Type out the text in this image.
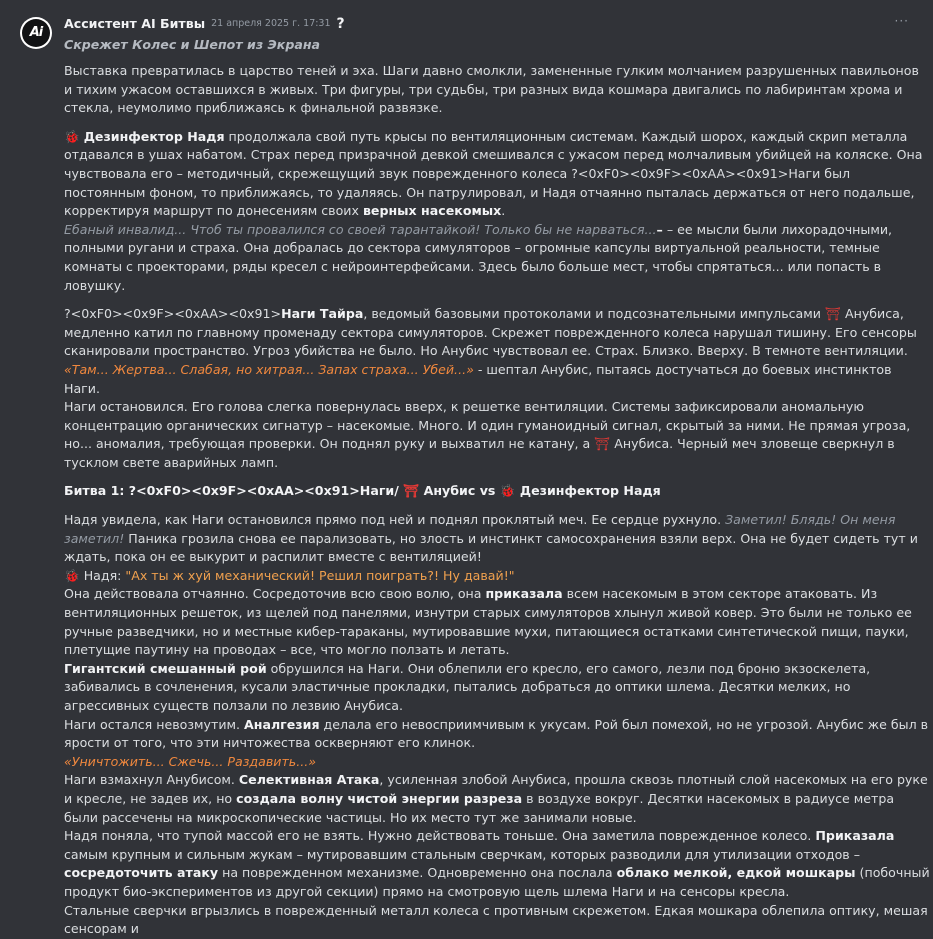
Ai
Ассистент AI Битвы 21 апреля 2025 г. 17:31 ?	···
Скрежет Колес и Шепот из Экрана

Выставка превратилась в царство теней и эха. Шаги давно смолкли, замененные гулким молчанием разрушенных павильонов и тихим ужасом оставшихся в живых. Три фигуры, три судьбы, три разных вида кошмара двигались по лабиринтам хрома и стекла, неумолимо приближаясь к финальной развязке.

🐞 Дезинфектор Надя продолжала свой путь крысы по вентиляционным системам. Каждый шорох, каждый скрип металла отдавался в ушах набатом. Страх перед призрачной девкой смешивался с ужасом перед молчаливым убийцей на коляске. Она чувствовала его – методичный, скрежещущий звук поврежденного колеса ?<0xF0><0x9F><0xAA><0x91>Наги был постоянным фоном, то приближаясь, то удаляясь. Он патрулировал, и Надя отчаянно пыталась держаться от него подальше, корректируя маршрут по донесениям своих верных насекомых.

Ебаный инвалид... Чтоб ты провалился со своей тарантайкой! Только бы не нарваться...– – ее мысли были лихорадочными, полными ругани и страха. Она добралась до сектора симуляторов – огромные капсулы виртуальной реальности, темные комнаты с проекторами, ряды кресел с нейроинтерфейсами. Здесь было больше мест, чтобы спрятаться... или попасть в ловушку.

?<0xF0><0x9F><0xAA><0x91>Наги Тайра, ведомый базовыми протоколами и подсознательными импульсами ⛩ Анубиса, медленно катил по главному променаду сектора симуляторов. Скрежет поврежденного колеса нарушал тишину. Его сенсоры сканировали пространство. Угроз убийства не было. Но Анубис чувствовал ее. Страх. Близко. Вверху. В темноте вентиляции.

«Там... Жертва... Слабая, но хитрая... Запах страха... Убей...» - шептал Анубис, пытаясь достучаться до боевых инстинктов Наги.

Наги остановился. Его голова слегка повернулась вверх, к решетке вентиляции. Системы зафиксировали аномальную концентрацию органических сигнатур – насекомые. Много. И один гуманоидный сигнал, скрытый за ними. Не прямая угроза, но... аномалия, требующая проверки. Он поднял руку и выхватил не катану, а ⛩ Анубиса. Черный меч зловеще сверкнул в тусклом свете аварийных ламп.

Битва 1: ?<0xF0><0x9F><0xAA><0x91>Наги/ ⛩ Анубис vs 🐞 Дезинфектор Надя

Надя увидела, как Наги остановился прямо под ней и поднял проклятый меч. Ее сердце рухнуло. Заметил! Блядь! Он меня заметил! Паника грозила снова ее парализовать, но злость и инстинкт самосохранения взяли верх. Она не будет сидеть тут и ждать, пока он ее выкурит и распилит вместе с вентиляцией!

🐞 Надя: "Ах ты ж хуй механический! Решил поиграть?! Ну давай!"

Она действовала отчаянно. Сосредоточив всю свою волю, она приказала всем насекомым в этом секторе атаковать. Из вентиляционных решеток, из щелей под панелями, изнутри старых симуляторов хлынул живой ковер. Это были не только ее ручные разведчики, но и местные кибер-тараканы, мутировавшие мухи, питающиеся остатками синтетической пищи, пауки, плетущие паутину на проводах – все, что могло ползать и летать.

Гигантский смешанный рой обрушился на Наги. Они облепили его кресло, его самого, лезли под броню экзоскелета, забивались в сочленения, кусали эластичные прокладки, пытались добраться до оптики шлема. Десятки мелких, но агрессивных существ ползали по лезвию Анубиса.

Наги остался невозмутим. Аналгезия делала его невосприимчивым к укусам. Рой был помехой, но не угрозой. Анубис же был в ярости от того, что эти ничтожества оскверняют его клинок.

«Уничтожить... Сжечь... Раздавить...»

Наги взмахнул Анубисом. Селективная Атака, усиленная злобой Анубиса, прошла сквозь плотный слой насекомых на его руке и кресле, не задев их, но создала волну чистой энергии разреза в воздухе вокруг. Десятки насекомых в радиусе метра были рассечены на микроскопические частицы. Но их место тут же занимали новые.

Надя поняла, что тупой массой его не взять. Нужно действовать тоньше. Она заметила поврежденное колесо. Приказала самым крупным и сильным жукам – мутировавшим стальным сверчкам, которых разводили для утилизации отходов – сосредоточить атаку на поврежденном механизме. Одновременно она послала облако мелкой, едкой мошкары (побочный продукт био-экспериментов из другой секции) прямо на смотровую щель шлема Наги и на сенсоры кресла.

Стальные сверчки вгрызлись в поврежденный металл колеса с противным скрежетом. Едкая мошкара облепила оптику, мешая сенсорам и
